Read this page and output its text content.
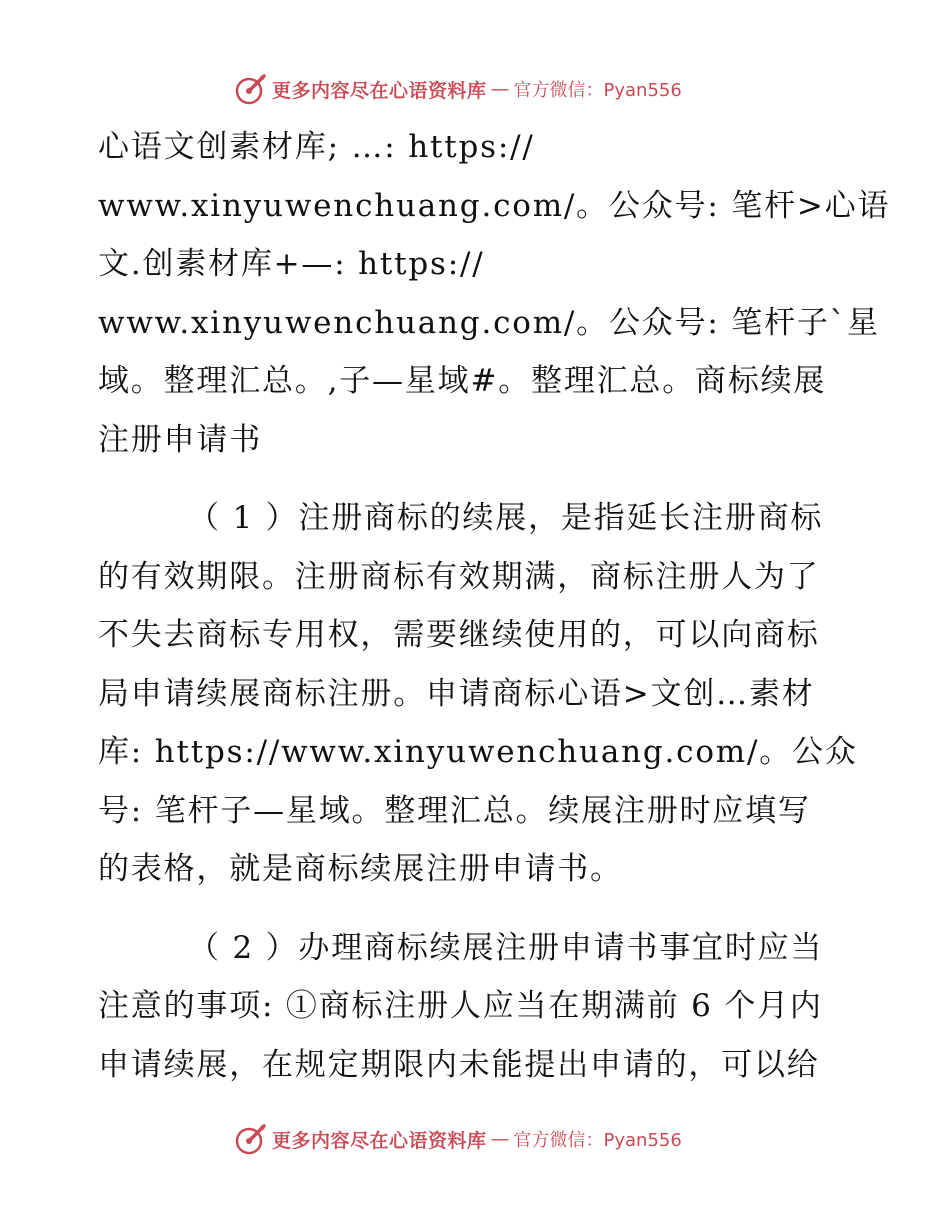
更多内容尽在心语资料库 — 官方微信：Pyan556
心语文创素材库; …: https://
www.xinyuwenchuang.com/。公众号: 笔杆>心语
文.创素材库+—: https://
www.xinyuwenchuang.com/。公众号: 笔杆子`星
域。整理汇总。,子—星域#。整理汇总。商标续展
注册申请书
（ 1 ）注册商标的续展，是指延长注册商标
的有效期限。注册商标有效期满，商标注册人为了
不失去商标专用权，需要继续使用的，可以向商标
局申请续展商标注册。申请商标心语>文创…素材
库: https://www.xinyuwenchuang.com/。公众
号: 笔杆子—星域。整理汇总。续展注册时应填写
的表格，就是商标续展注册申请书。
（ 2 ）办理商标续展注册申请书事宜时应当
注意的事项: ①商标注册人应当在期满前 6 个月内
申请续展，在规定期限内未能提出申请的，可以给
更多内容尽在心语资料库 — 官方微信：Pyan556
